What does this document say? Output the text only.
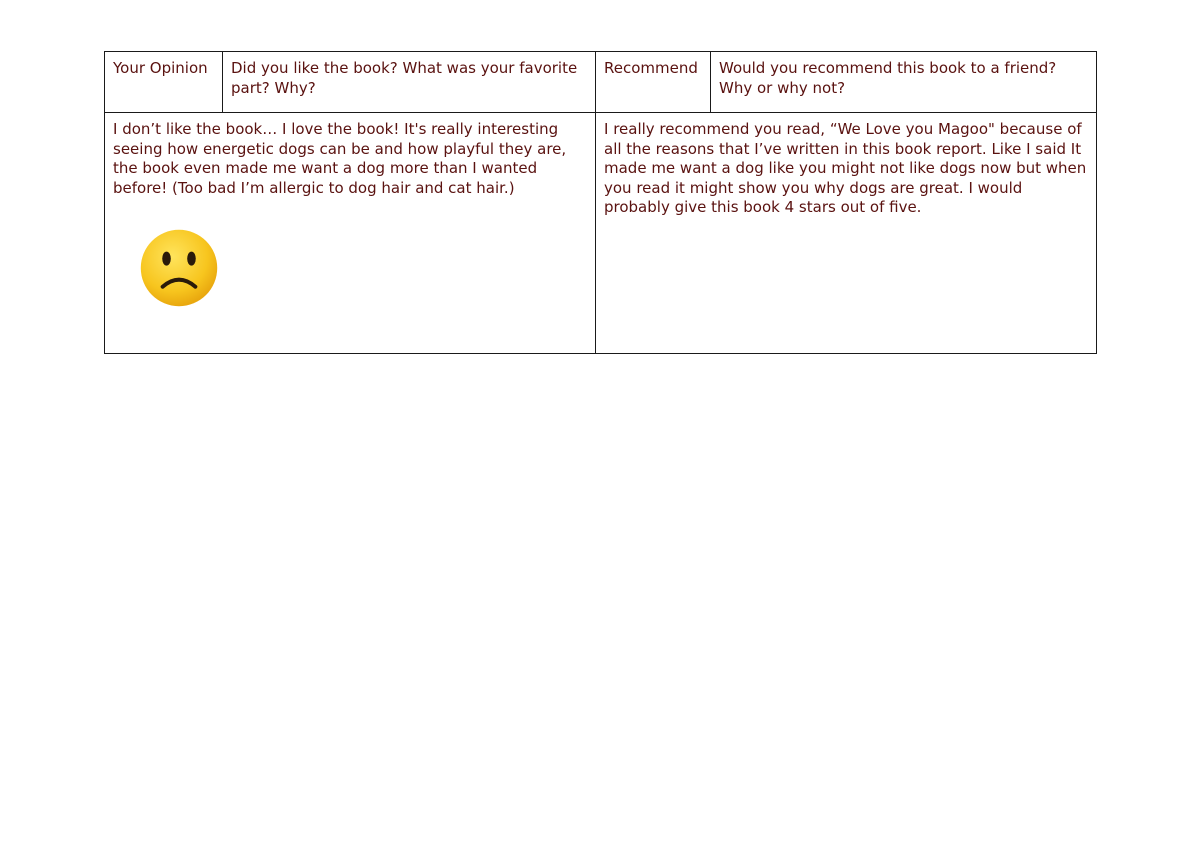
Your Opinion	Did you like the book? What was your favorite part? Why?
Recommend	Would you recommend this book to a friend? Why or why not?
I don’t like the book… I love the book! It's really interesting seeing how energetic dogs can be and how playful they are, the book even made me want a dog more than I wanted before! (Too bad I’m allergic to dog hair and cat hair.)
I really recommend you read, “We Love you Magoo" because of all the reasons that I’ve written in this book report. Like I said It made me want a dog like you might not like dogs now but when you read it might show you why dogs are great. I would probably give this book 4 stars out of five.
